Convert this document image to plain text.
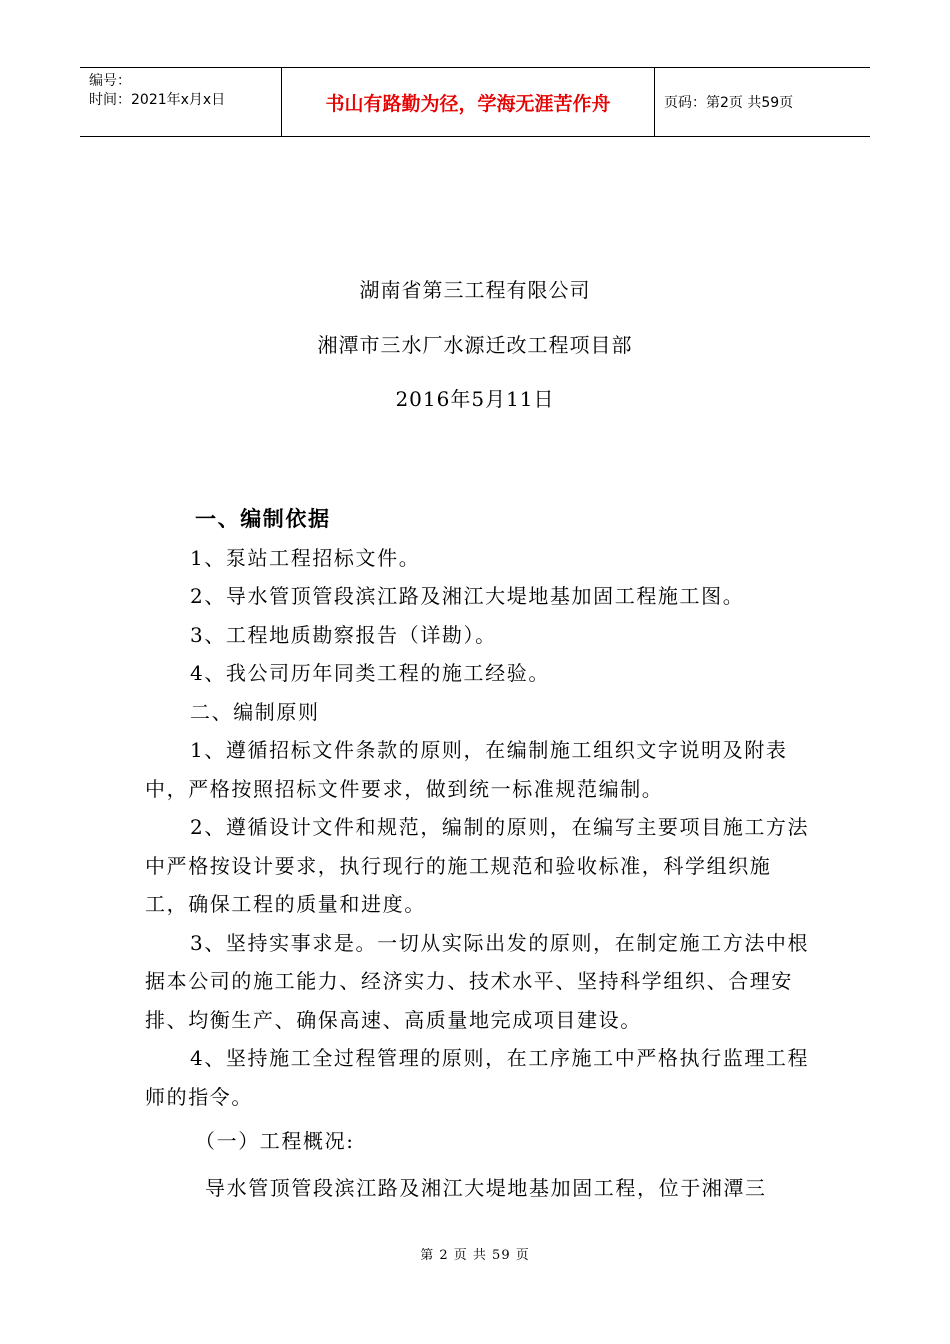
编号：
时间：2021年x月x日	书山有路勤为径，学海无涯苦作舟	页码：第2页 共59页
湖南省第三工程有限公司
湘潭市三水厂水源迁改工程项目部
2016年5月11日

一、编制依据

1、泵站工程招标文件。

2、导水管顶管段滨江路及湘江大堤地基加固工程施工图。

3、工程地质勘察报告（详勘）。

4、我公司历年同类工程的施工经验。

二、编制原则

1、遵循招标文件条款的原则，在编制施工组织文字说明及附表中，严格按照招标文件要求，做到统一标准规范编制。

2、遵循设计文件和规范，编制的原则，在编写主要项目施工方法中严格按设计要求，执行现行的施工规范和验收标准，科学组织施工，确保工程的质量和进度。

3、坚持实事求是。一切从实际出发的原则，在制定施工方法中根据本公司的施工能力、经济实力、技术水平、坚持科学组织、合理安排、均衡生产、确保高速、高质量地完成项目建设。

4、坚持施工全过程管理的原则，在工序施工中严格执行监理工程师的指令。

（一）工程概况:

导水管顶管段滨江路及湘江大堤地基加固工程，位于湘潭三

第 2 页 共 59 页
